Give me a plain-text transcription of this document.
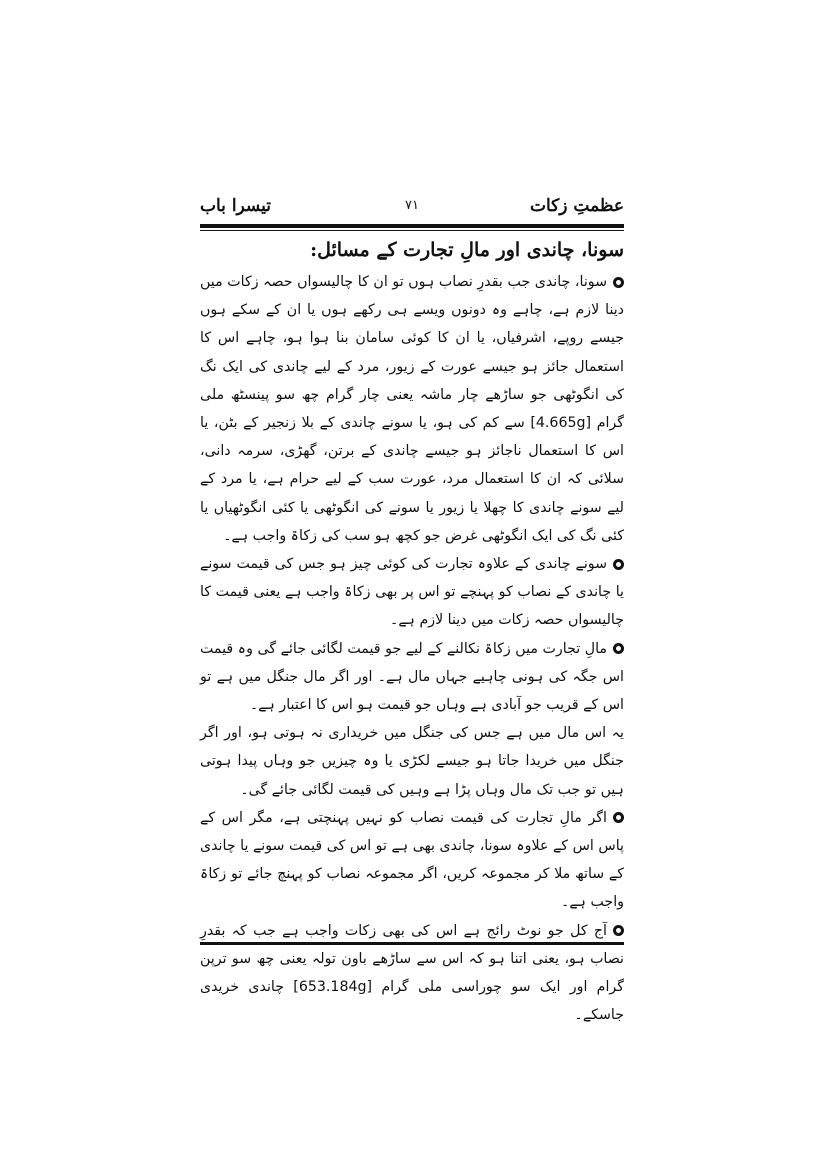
عظمتِ زکات
۷۱
تیسرا باب
سونا، چاندی اور مالِ تجارت کے مسائل:

سونا، چاندی جب بقدرِ نصاب ہوں تو ان کا چالیسواں حصہ زکات میں دینا لازم ہے، چاہے وہ دونوں ویسے ہی رکھے ہوں یا ان کے سکے ہوں جیسے روپے، اشرفیاں، یا ان کا کوئی سامان بنا ہوا ہو، چاہے اس کا استعمال جائز ہو جیسے عورت کے زیور، مرد کے لیے چاندی کی ایک نگ کی انگوٹھی جو ساڑھے چار ماشہ یعنی چار گرام چھ سو پینسٹھ ملی گرام [4.665g] سے کم کی ہو، یا سونے چاندی کے بلا زنجیر کے بٹن، یا اس کا استعمال ناجائز ہو جیسے چاندی کے برتن، گھڑی، سرمہ دانی، سلائی کہ ان کا استعمال مرد، عورت سب کے لیے حرام ہے، یا مرد کے لیے سونے چاندی کا چھلا یا زیور یا سونے کی انگوٹھی یا کئی انگوٹھیاں یا کئی نگ کی ایک انگوٹھی غرض جو کچھ ہو سب کی زکاۃ واجب ہے۔

سونے چاندی کے علاوہ تجارت کی کوئی چیز ہو جس کی قیمت سونے یا چاندی کے نصاب کو پہنچے تو اس پر بھی زکاۃ واجب ہے یعنی قیمت کا چالیسواں حصہ زکات میں دینا لازم ہے۔

مالِ تجارت میں زکاۃ نکالنے کے لیے جو قیمت لگائی جائے گی وہ قیمت اس جگہ کی ہونی چاہیے جہاں مال ہے۔ اور اگر مال جنگل میں ہے تو اس کے قریب جو آبادی ہے وہاں جو قیمت ہو اس کا اعتبار ہے۔

یہ اس مال میں ہے جس کی جنگل میں خریداری نہ ہوتی ہو، اور اگر جنگل میں خریدا جاتا ہو جیسے لکڑی یا وہ چیزیں جو وہاں پیدا ہوتی ہیں تو جب تک مال وہاں پڑا ہے وہیں کی قیمت لگائی جائے گی۔

اگر مالِ تجارت کی قیمت نصاب کو نہیں پہنچتی ہے، مگر اس کے پاس اس کے علاوہ سونا، چاندی بھی ہے تو اس کی قیمت سونے یا چاندی کے ساتھ ملا کر مجموعہ کریں، اگر مجموعہ نصاب کو پہنچ جائے تو زکاۃ واجب ہے۔

آج کل جو نوٹ رائج ہے اس کی بھی زکات واجب ہے جب کہ بقدرِ نصاب ہو، یعنی اتنا ہو کہ اس سے ساڑھے باون تولہ یعنی چھ سو ترپن گرام اور ایک سو چوراسی ملی گرام [653.184g] چاندی خریدی جاسکے۔
